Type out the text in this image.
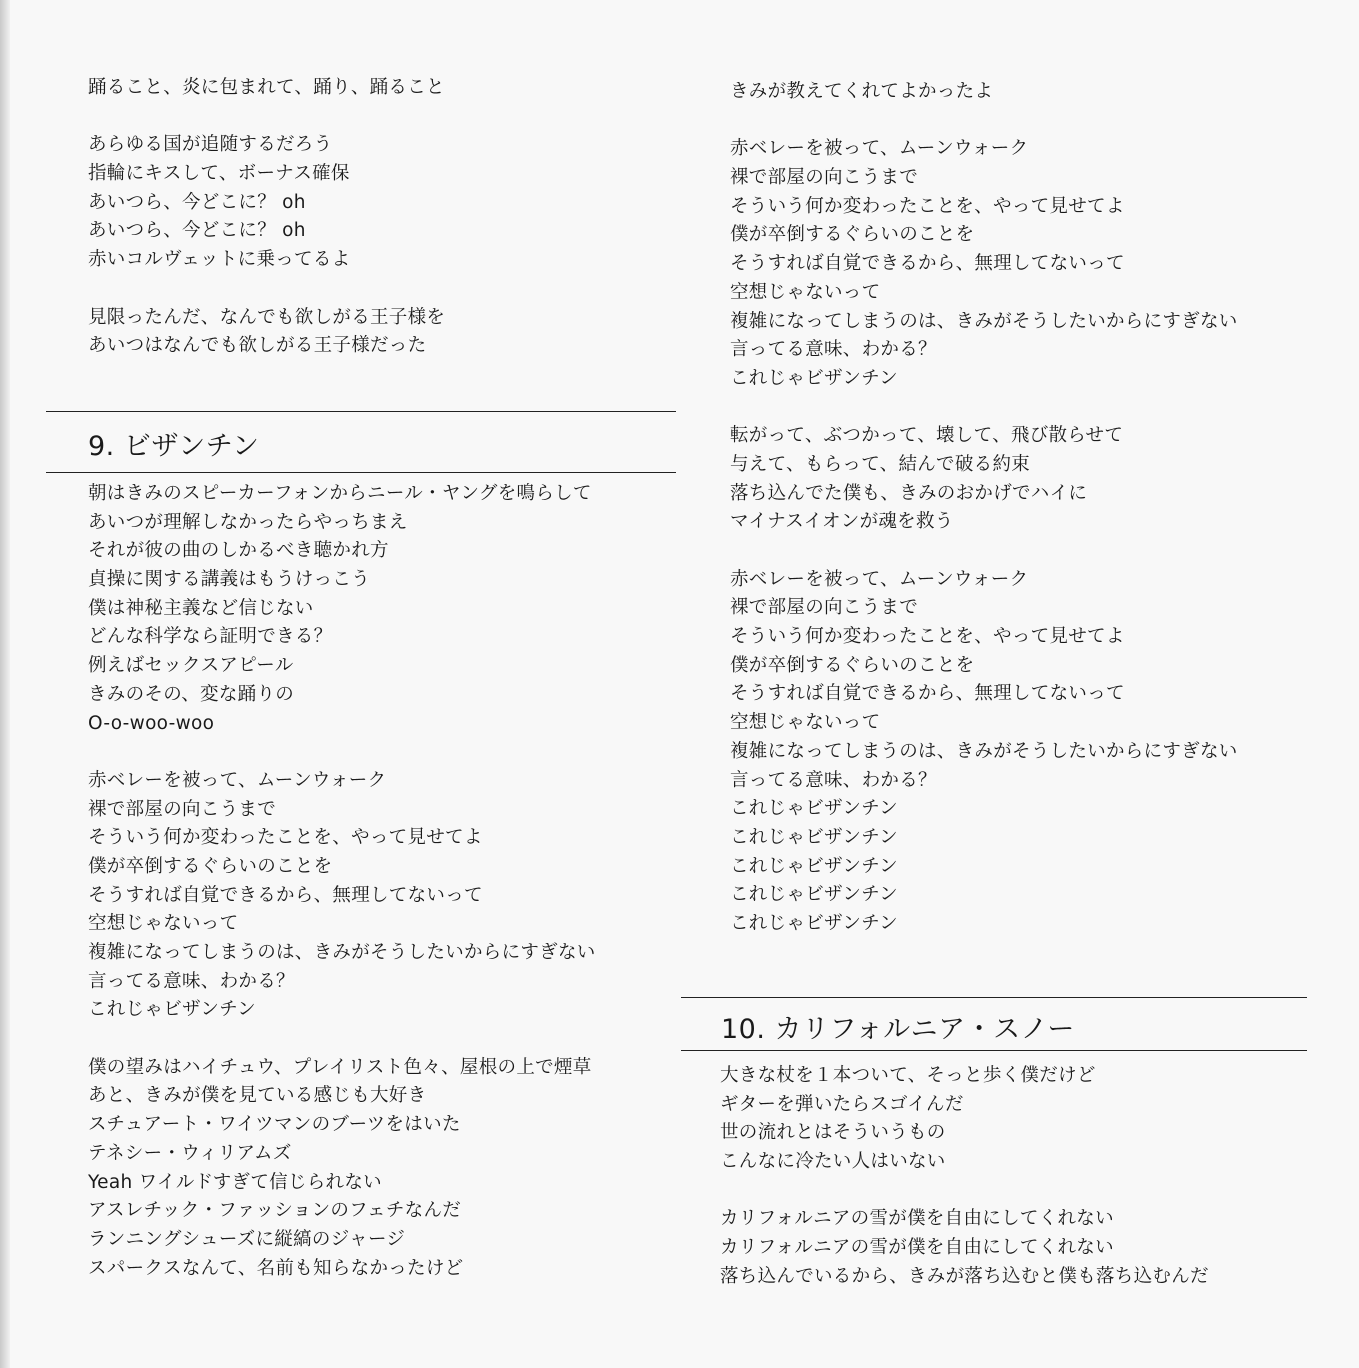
踊ること、炎に包まれて、踊り、踊ること
あらゆる国が追随するだろう
指輪にキスして、ボーナス確保
あいつら、今どこに？ oh
あいつら、今どこに？ oh
赤いコルヴェットに乗ってるよ
見限ったんだ、なんでも欲しがる王子様を
あいつはなんでも欲しがる王子様だった
9. ビザンチン
朝はきみのスピーカーフォンからニール・ヤングを鳴らして
あいつが理解しなかったらやっちまえ
それが彼の曲のしかるべき聴かれ方
貞操に関する講義はもうけっこう
僕は神秘主義など信じない
どんな科学なら証明できる？
例えばセックスアピール
きみのその、変な踊りの
O-o-woo-woo
赤ベレーを被って、ムーンウォーク
裸で部屋の向こうまで
そういう何か変わったことを、やって見せてよ
僕が卒倒するぐらいのことを
そうすれば自覚できるから、無理してないって
空想じゃないって
複雑になってしまうのは、きみがそうしたいからにすぎない
言ってる意味、わかる？
これじゃビザンチン
僕の望みはハイチュウ、プレイリスト色々、屋根の上で煙草
あと、きみが僕を見ている感じも大好き
スチュアート・ワイツマンのブーツをはいた
テネシー・ウィリアムズ
Yeah ワイルドすぎて信じられない
アスレチック・ファッションのフェチなんだ
ランニングシューズに縦縞のジャージ
スパークスなんて、名前も知らなかったけど
きみが教えてくれてよかったよ
赤ベレーを被って、ムーンウォーク
裸で部屋の向こうまで
そういう何か変わったことを、やって見せてよ
僕が卒倒するぐらいのことを
そうすれば自覚できるから、無理してないって
空想じゃないって
複雑になってしまうのは、きみがそうしたいからにすぎない
言ってる意味、わかる？
これじゃビザンチン
転がって、ぶつかって、壊して、飛び散らせて
与えて、もらって、結んで破る約束
落ち込んでた僕も、きみのおかげでハイに
マイナスイオンが魂を救う
赤ベレーを被って、ムーンウォーク
裸で部屋の向こうまで
そういう何か変わったことを、やって見せてよ
僕が卒倒するぐらいのことを
そうすれば自覚できるから、無理してないって
空想じゃないって
複雑になってしまうのは、きみがそうしたいからにすぎない
言ってる意味、わかる？
これじゃビザンチン
これじゃビザンチン
これじゃビザンチン
これじゃビザンチン
これじゃビザンチン
10. カリフォルニア・スノー
大きな杖を１本ついて、そっと歩く僕だけど
ギターを弾いたらスゴイんだ
世の流れとはそういうもの
こんなに冷たい人はいない
カリフォルニアの雪が僕を自由にしてくれない
カリフォルニアの雪が僕を自由にしてくれない
落ち込んでいるから、きみが落ち込むと僕も落ち込むんだ
